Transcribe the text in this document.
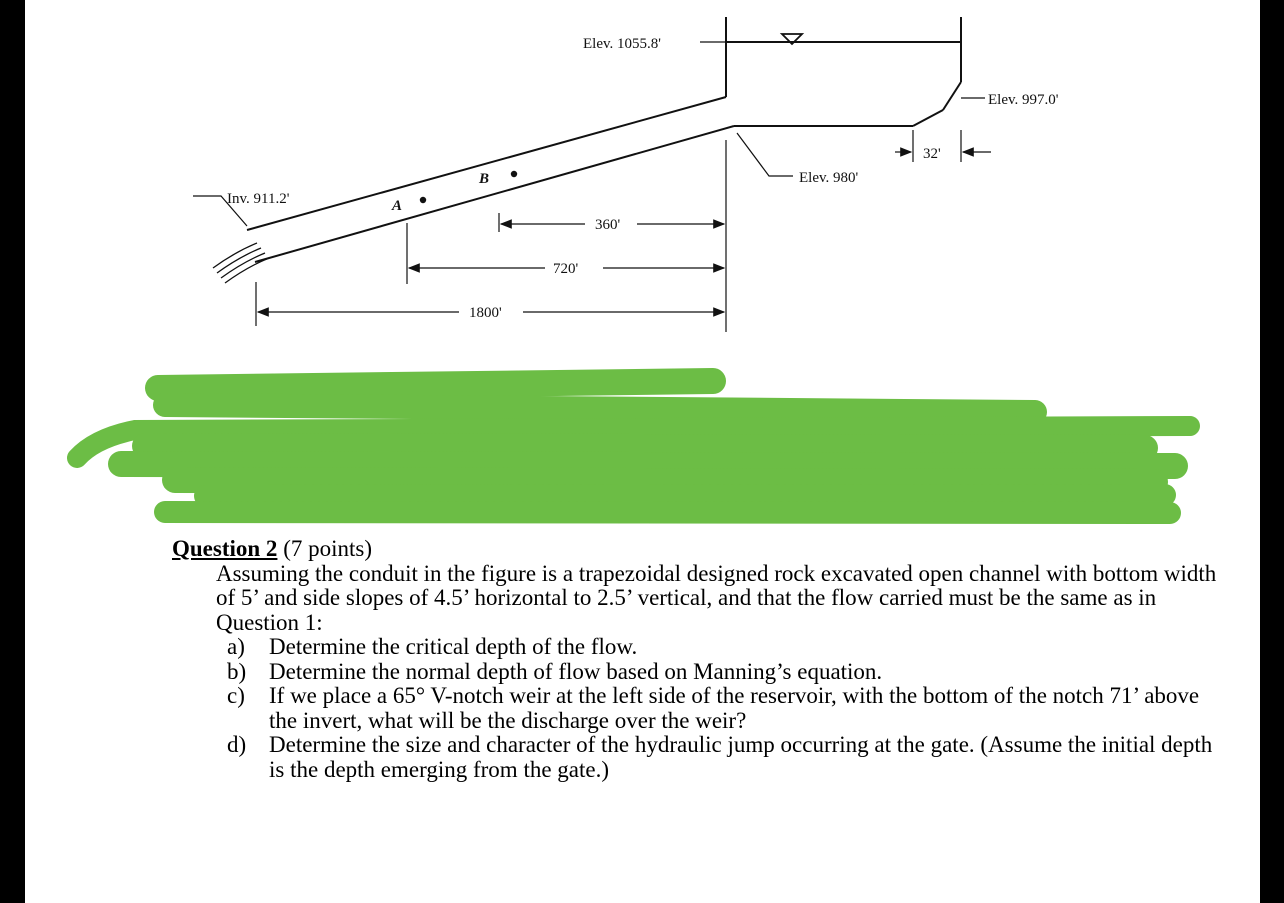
Elev. 1055.8'
Elev. 997.0'
Elev. 980'
Inv. 911.2'	A
B
32'
360'
720'
1800'
Question 2 (7 points)
Assuming the conduit in the figure is a trapezoidal designed rock excavated open channel with bottom width of 5’ and side slopes of 4.5’ horizontal to 2.5’ vertical, and that the flow carried must be the same as in Question 1:
a) Determine the critical depth of the flow.
b) Determine the normal depth of flow based on Manning’s equation.
c) If we place a 65° V-notch weir at the left side of the reservoir, with the bottom of the notch 71’ above the invert, what will be the discharge over the weir?
d) Determine the size and character of the hydraulic jump occurring at the gate. (Assume the initial depth is the depth emerging from the gate.)
